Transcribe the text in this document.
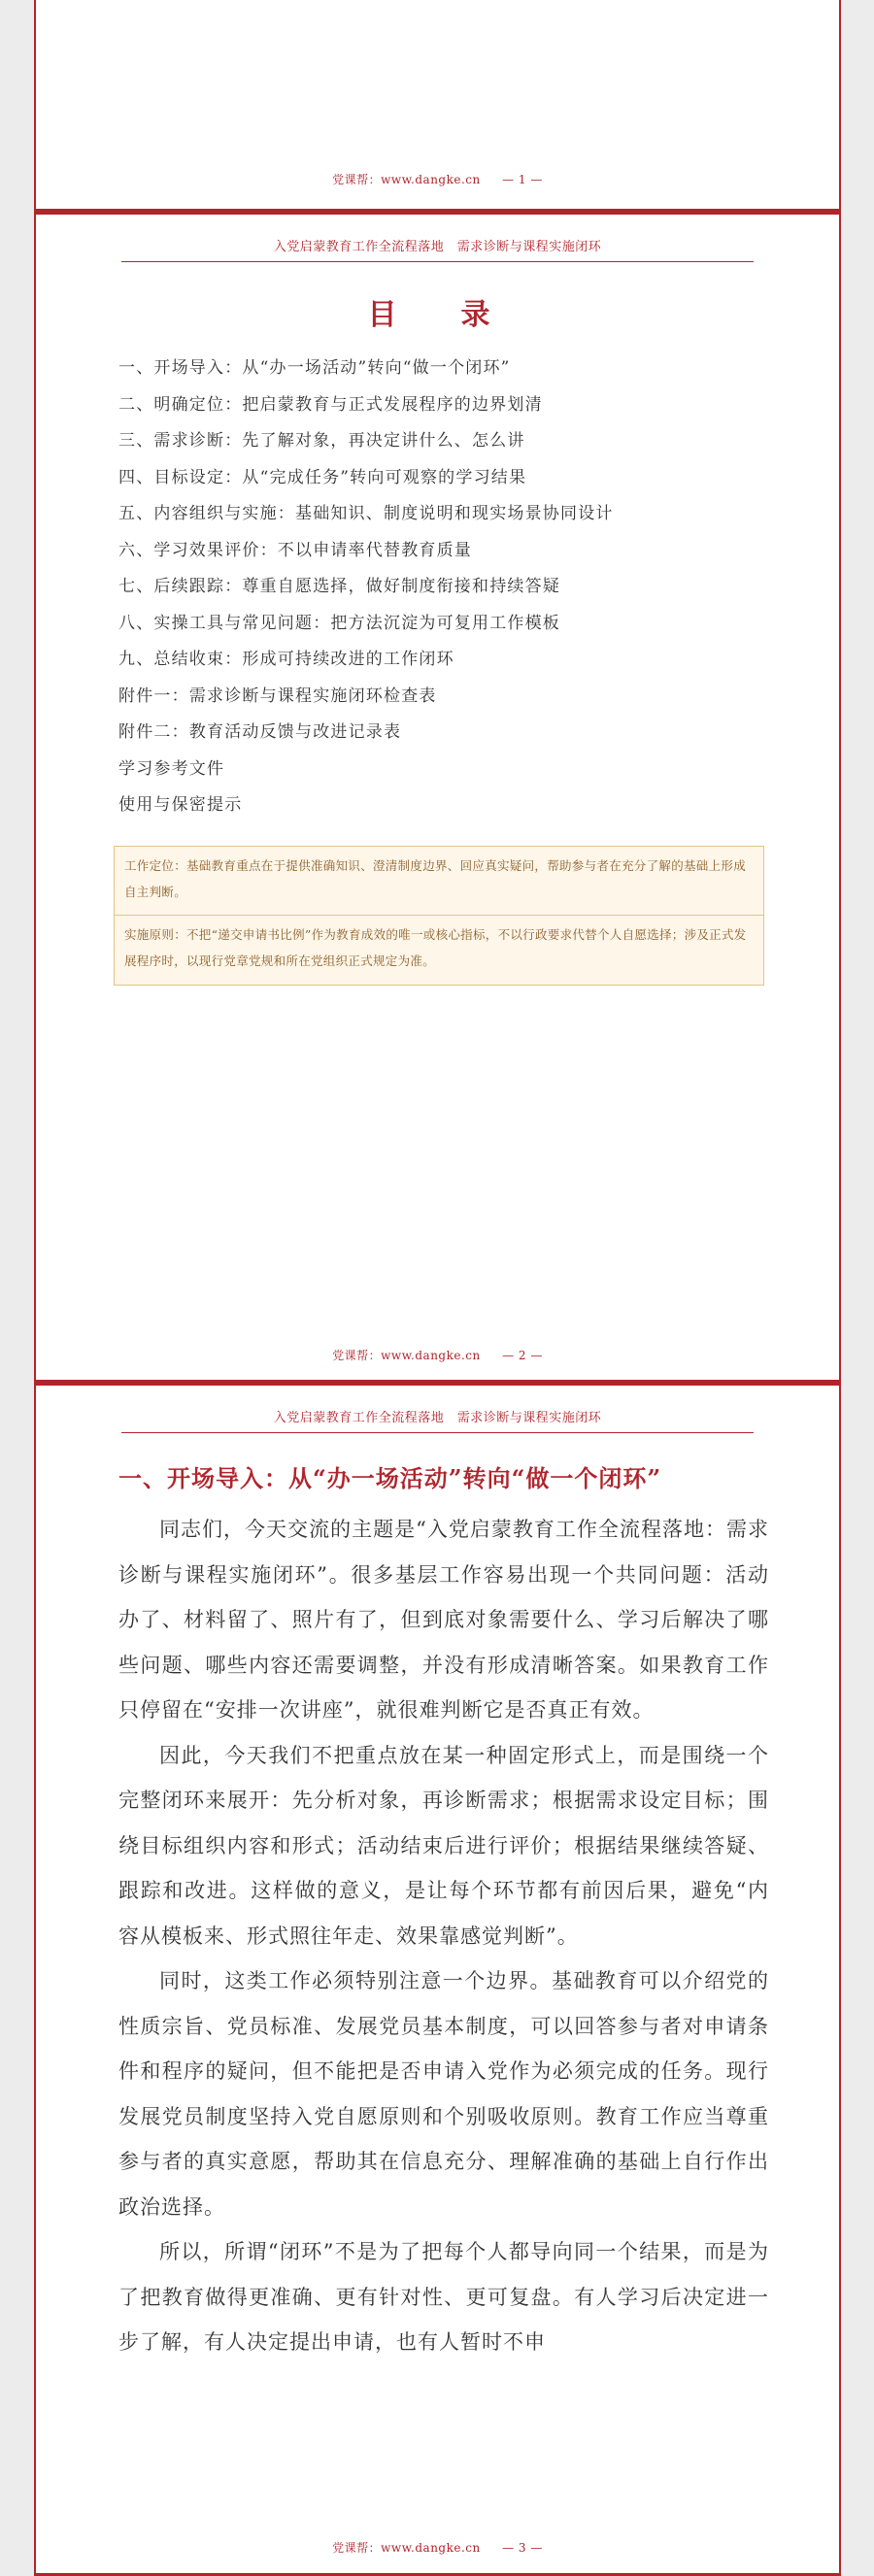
党课帮：www.dangke.cn — 1 —
入党启蒙教育工作全流程落地　需求诊断与课程实施闭环
目　录
一、开场导入：从“办一场活动”转向“做一个闭环”
二、明确定位：把启蒙教育与正式发展程序的边界划清
三、需求诊断：先了解对象，再决定讲什么、怎么讲
四、目标设定：从“完成任务”转向可观察的学习结果
五、内容组织与实施：基础知识、制度说明和现实场景协同设计
六、学习效果评价：不以申请率代替教育质量
七、后续跟踪：尊重自愿选择，做好制度衔接和持续答疑
八、实操工具与常见问题：把方法沉淀为可复用工作模板
九、总结收束：形成可持续改进的工作闭环
附件一：需求诊断与课程实施闭环检查表
附件二：教育活动反馈与改进记录表
学习参考文件
使用与保密提示
工作定位：基础教育重点在于提供准确知识、澄清制度边界、回应真实疑问，帮助参与者在充分了解的基础上形成自主判断。
实施原则：不把“递交申请书比例”作为教育成效的唯一或核心指标，不以行政要求代替个人自愿选择；涉及正式发展程序时，以现行党章党规和所在党组织正式规定为准。
党课帮：www.dangke.cn — 2 —
入党启蒙教育工作全流程落地　需求诊断与课程实施闭环
一、开场导入：从“办一场活动”转向“做一个闭环”

同志们，今天交流的主题是“入党启蒙教育工作全流程落地：需求诊断与课程实施闭环”。很多基层工作容易出现一个共同问题：活动办了、材料留了、照片有了，但到底对象需要什么、学习后解决了哪些问题、哪些内容还需要调整，并没有形成清晰答案。如果教育工作只停留在“安排一次讲座”，就很难判断它是否真正有效。

因此，今天我们不把重点放在某一种固定形式上，而是围绕一个完整闭环来展开：先分析对象，再诊断需求；根据需求设定目标；围绕目标组织内容和形式；活动结束后进行评价；根据结果继续答疑、跟踪和改进。这样做的意义，是让每个环节都有前因后果，避免“内容从模板来、形式照往年走、效果靠感觉判断”。

同时，这类工作必须特别注意一个边界。基础教育可以介绍党的性质宗旨、党员标准、发展党员基本制度，可以回答参与者对申请条件和程序的疑问，但不能把是否申请入党作为必须完成的任务。现行发展党员制度坚持入党自愿原则和个别吸收原则。教育工作应当尊重参与者的真实意愿，帮助其在信息充分、理解准确的基础上自行作出政治选择。

所以，所谓“闭环”不是为了把每个人都导向同一个结果，而是为了把教育做得更准确、更有针对性、更可复盘。有人学习后决定进一步了解，有人决定提出申请，也有人暂时不申

党课帮：www.dangke.cn — 3 —
